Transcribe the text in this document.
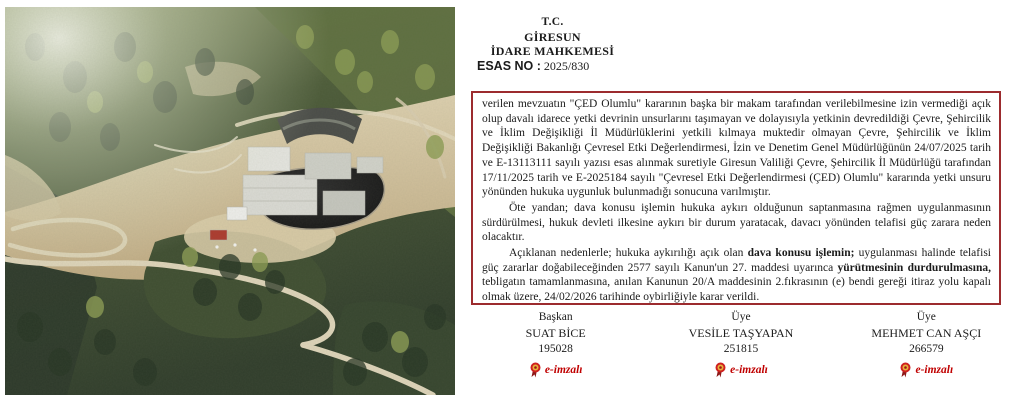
T.C.
GİRESUN
İDARE MAHKEMESİ
ESAS NO : 2025/830

verilen mevzuatın "ÇED Olumlu" kararının başka bir makam tarafından verilebilmesine izin vermediği açık olup davalı idarece yetki devrinin unsurlarını taşımayan ve dolayısıyla yetkinin devredildiği Çevre, Şehircilik ve İklim Değişikliği İl Müdürlüklerini yetkili kılmaya muktedir olmayan Çevre, Şehircilik ve İklim Değişikliği Bakanlığı Çevresel Etki Değerlendirmesi, İzin ve Denetim Genel Müdürlüğünün 24/07/2025 tarih ve E-13113111 sayılı yazısı esas alınmak suretiyle Giresun Valiliği Çevre, Şehircilik İl Müdürlüğü tarafından 17/11/2025 tarih ve E-2025184 sayılı "Çevresel Etki Değerlendirmesi (ÇED) Olumlu" kararında yetki unsuru yönünden hukuka uygunluk bulunmadığı sonucuna varılmıştır.

Öte yandan; dava konusu işlemin hukuka aykırı olduğunun saptanmasına rağmen uygulanmasının sürdürülmesi, hukuk devleti ilkesine aykırı bir durum yaratacak, davacı yönünden telafisi güç zarara neden olacaktır.

Açıklanan nedenlerle; hukuka aykırılığı açık olan dava konusu işlemin; uygulanması halinde telafisi güç zararlar doğabileceğinden 2577 sayılı Kanun'un 27. maddesi uyarınca yürütmesinin durdurulmasına, tebligatın tamamlanmasına, anılan Kanunun 20/A maddesinin 2.fıkrasının (e) bendi gereği itiraz yolu kapalı olmak üzere, 24/02/2026 tarihinde oybirliğiyle karar verildi.

Başkan
SUAT BİCE
195028
e-imzalı
Üye
VESİLE TAŞYAPAN
251815
e-imzalı
Üye
MEHMET CAN AŞÇI
266579
e-imzalı
